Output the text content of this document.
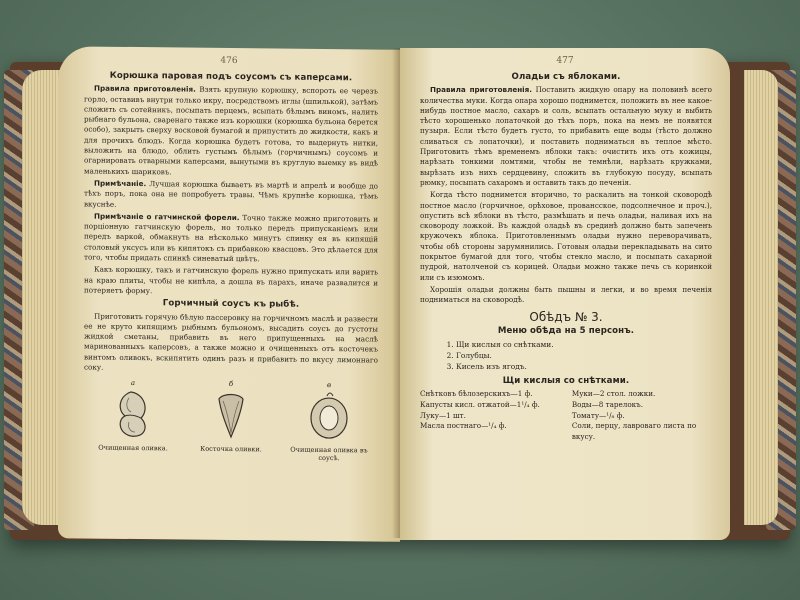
476
Корюшка паровая подъ соусомъ съ каперсами.

Правила приготовленія. Взять крупную корюшку, вспороть ее черезъ горло, оставивъ внутри только икру, посредствомъ иглы (шпилькой), затѣмъ сложить съ сотейникъ, посыпать перцемъ, всыпать бѣлымъ виномъ, налить рыбнаго бульона, сваренаго также изъ корюшки (корюшка бульона берется особо), закрыть сверху восковой бумагой и припустить до жидкости, какъ и для прочихъ блюдъ. Когда корюшка будетъ готова, то выдернуть нитки, выложить на блюдо, облить густымъ бѣлымъ (горчичнымъ) соусомъ и огарнировать отварными каперсами, вынутыми въ круглую выемку въ видѣ маленькихъ шариковъ.

Примѣчаніе. Лучшая корюшка бываетъ въ мартѣ и апрелѣ и вообще до тѣхъ поръ, пока она не попробуетъ травы. Чѣмъ крупнѣе корюшка, тѣмъ вкуснѣе.

Примѣчаніе о гатчинской форели. Точно также можно приготовить и порціонную гатчинскую форель, но только передъ припусканіемъ или передъ варкой, обмакнуть на нѣсколько минутъ спинку ея въ кипящій столовый уксусъ или въ кипятокъ съ прибавкою квасцовъ. Это дѣлается для того, чтобы придать спинкѣ синеватый цвѣтъ.

Какъ корюшку, такъ и гатчинскую форель нужно припускать или варить на краю плиты, чтобы не кипѣла, а дошла въ парахъ, иначе развалится и потеряетъ форму.

Горчичный соусъ къ рыбѣ.

Приготовить горячую бѣлую пассеровку на горчичномъ маслѣ и развести ее не круто кипящимъ рыбнымъ бульономъ, высадить соусъ до густоты жидкой сметаны, прибавить въ него припущенныхъ на маслѣ маринованныхъ каперсовъ, а также можно и очищенныхъ отъ косточекъ винтомъ оливокъ, вскипятить одинъ разъ и прибавить по вкусу лимоннаго соку.

a
Очищенная оливка.
б
Косточка оливки.
в
Очищенная оливка въ соусѣ.
477
Оладьи съ яблоками.

Правила приготовленія. Поставить жидкую опару на половинѣ всего количества муки. Когда опара хорошо поднимется, положить въ нее какое-нибудь постное масло, сахаръ и соль, всыпать остальную муку и выбить тѣсто хорошенько лопаточкой до тѣхъ поръ, пока на немъ не появятся пузыря. Если тѣсто будетъ густо, то прибавить еще воды (тѣсто должно сливаться съ лопаточки), и поставить подниматься въ теплое мѣсто. Приготовить тѣмъ временемъ яблоки такъ: очистить ихъ отъ кожицы, нарѣзать тонкими ломтями, чтобы не темнѣли, нарѣзать кружками, вырѣзать изъ нихъ сердцевину, сложить въ глубокую посуду, всыпать рюмку, посыпать сахаромъ и оставить такъ до печенія.

Когда тѣсто поднимется вторично, то раскалить на тонкой сковородѣ постное масло (горчичное, орѣховое, провансское, подсолнечное и проч.), опустить всѣ яблоки въ тѣсто, размѣшать и печь оладьи, наливая ихъ на сковороду ложкой. Въ каждой оладьѣ въ срединѣ должно быть запеченъ кружочекъ яблока. Приготовленнымъ оладьи нужно переворачивать, чтобы обѣ стороны зарумянились. Готовыя оладьи перекладывать на сито покрытое бумагой для того, чтобы стекло масло, и посыпать сахарной пудрой, натолченой съ корицей. Оладьи можно также печь съ коринкой или съ изюмомъ.

Хорошія оладьи должны быть пышны и легки, и во время печенія подниматься на сковородѣ.

Обѣдъ № 3.
Меню обѣда на 5 персонъ.
1. Щи кислыя со снѣтками.
2. Голубцы.
3. Кисель изъ ягодъ.
Щи кислыя со снѣтками.
Снѣтковъ бѣлозерскихъ—1 ф.
Капусты кисл. отжатой—1¹/₄ ф.
Луку—1 шт.
Масла постнаго—¹/₄ ф.
Муки—2 стол. ложки.
Воды—8 тарелокъ.
Томату—¹/₈ ф.
Соли, перцу, лавроваго листа по вкусу.
